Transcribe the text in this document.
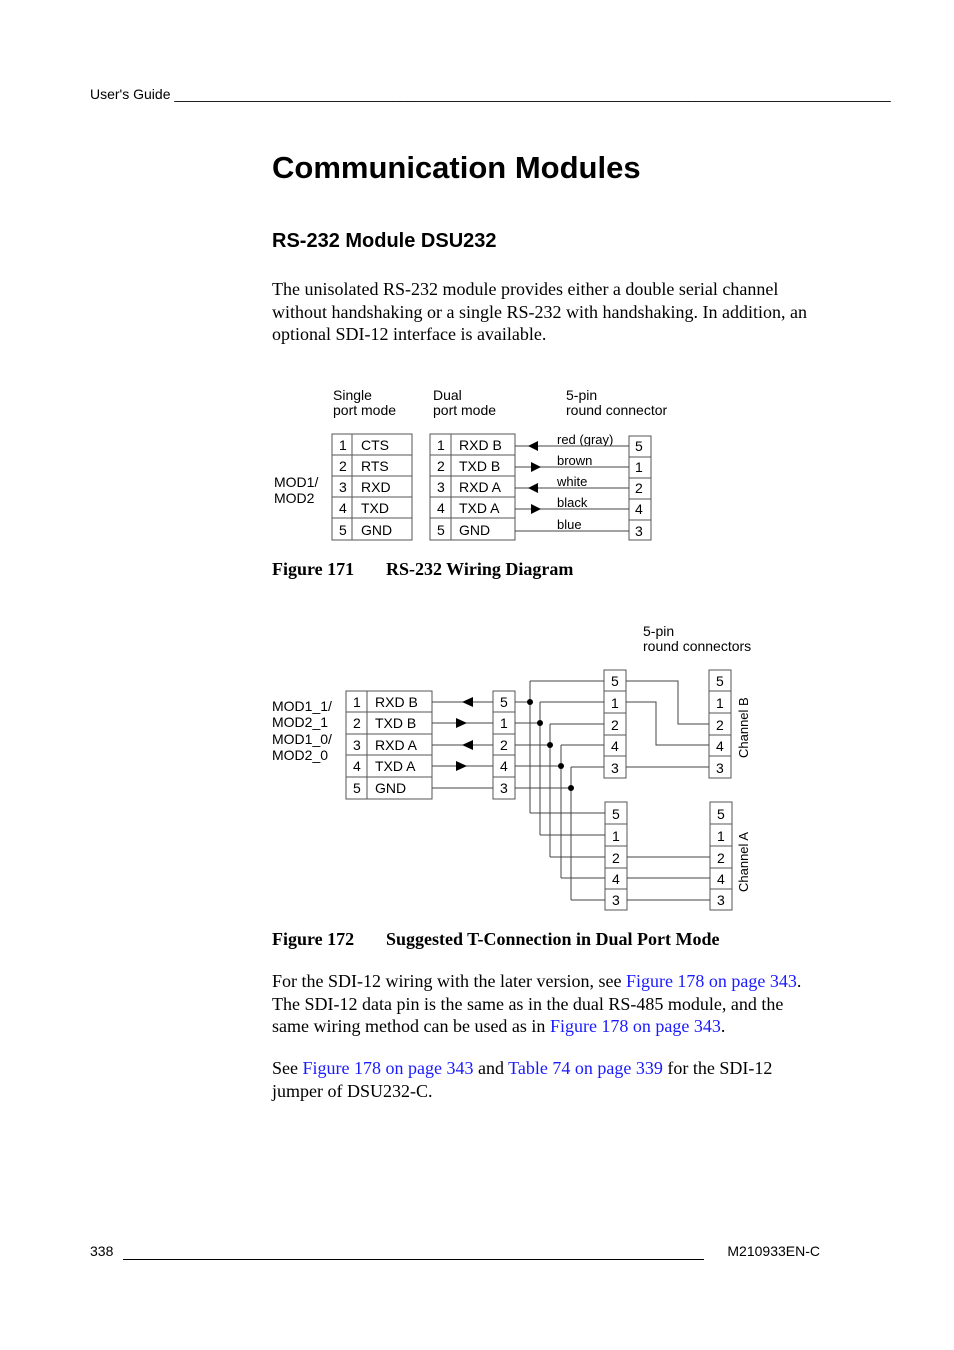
User's Guide ____________________________________________________________________________________________
Communication Modules
RS-232 Module DSU232

The unisolated RS-232 module provides either a double serial channel without handshaking or a single RS-232 with handshaking. In addition, an optional SDI-12 interface is available.

Single
port mode
Dual
port mode
5-pin
round connector
MOD1/
MOD2
1 CTS
2 RTS
3 RXD
4 TXD
5 GND
1 RXD B
2 TXD B
3 RXD A
4 TXD A
5 GND
5
1
2
4
3
red (gray)
brown
white
black
blue
Figure 171 RS-232 Wiring Diagram
5-pin
round connectors
MOD1_1/
MOD2_1
MOD1_0/
MOD2_0
1 RXD B
2 TXD B
3 RXD A
4 TXD A
5 GND
5
1
2
4
3
5
1
2
4
3
5
1
2
4
3
5
1
2
4
3
5
1
2
4
3
Channel B
Channel A
Figure 172 Suggested T-Connection in Dual Port Mode

For the SDI-12 wiring with the later version, see Figure 178 on page 343. The SDI-12 data pin is the same as in the dual RS-485 module, and the same wiring method can be used as in Figure 178 on page 343.

See Figure 178 on page 343 and Table 74 on page 339 for the SDI-12 jumper of DSU232-C.

338	M210933EN-C
